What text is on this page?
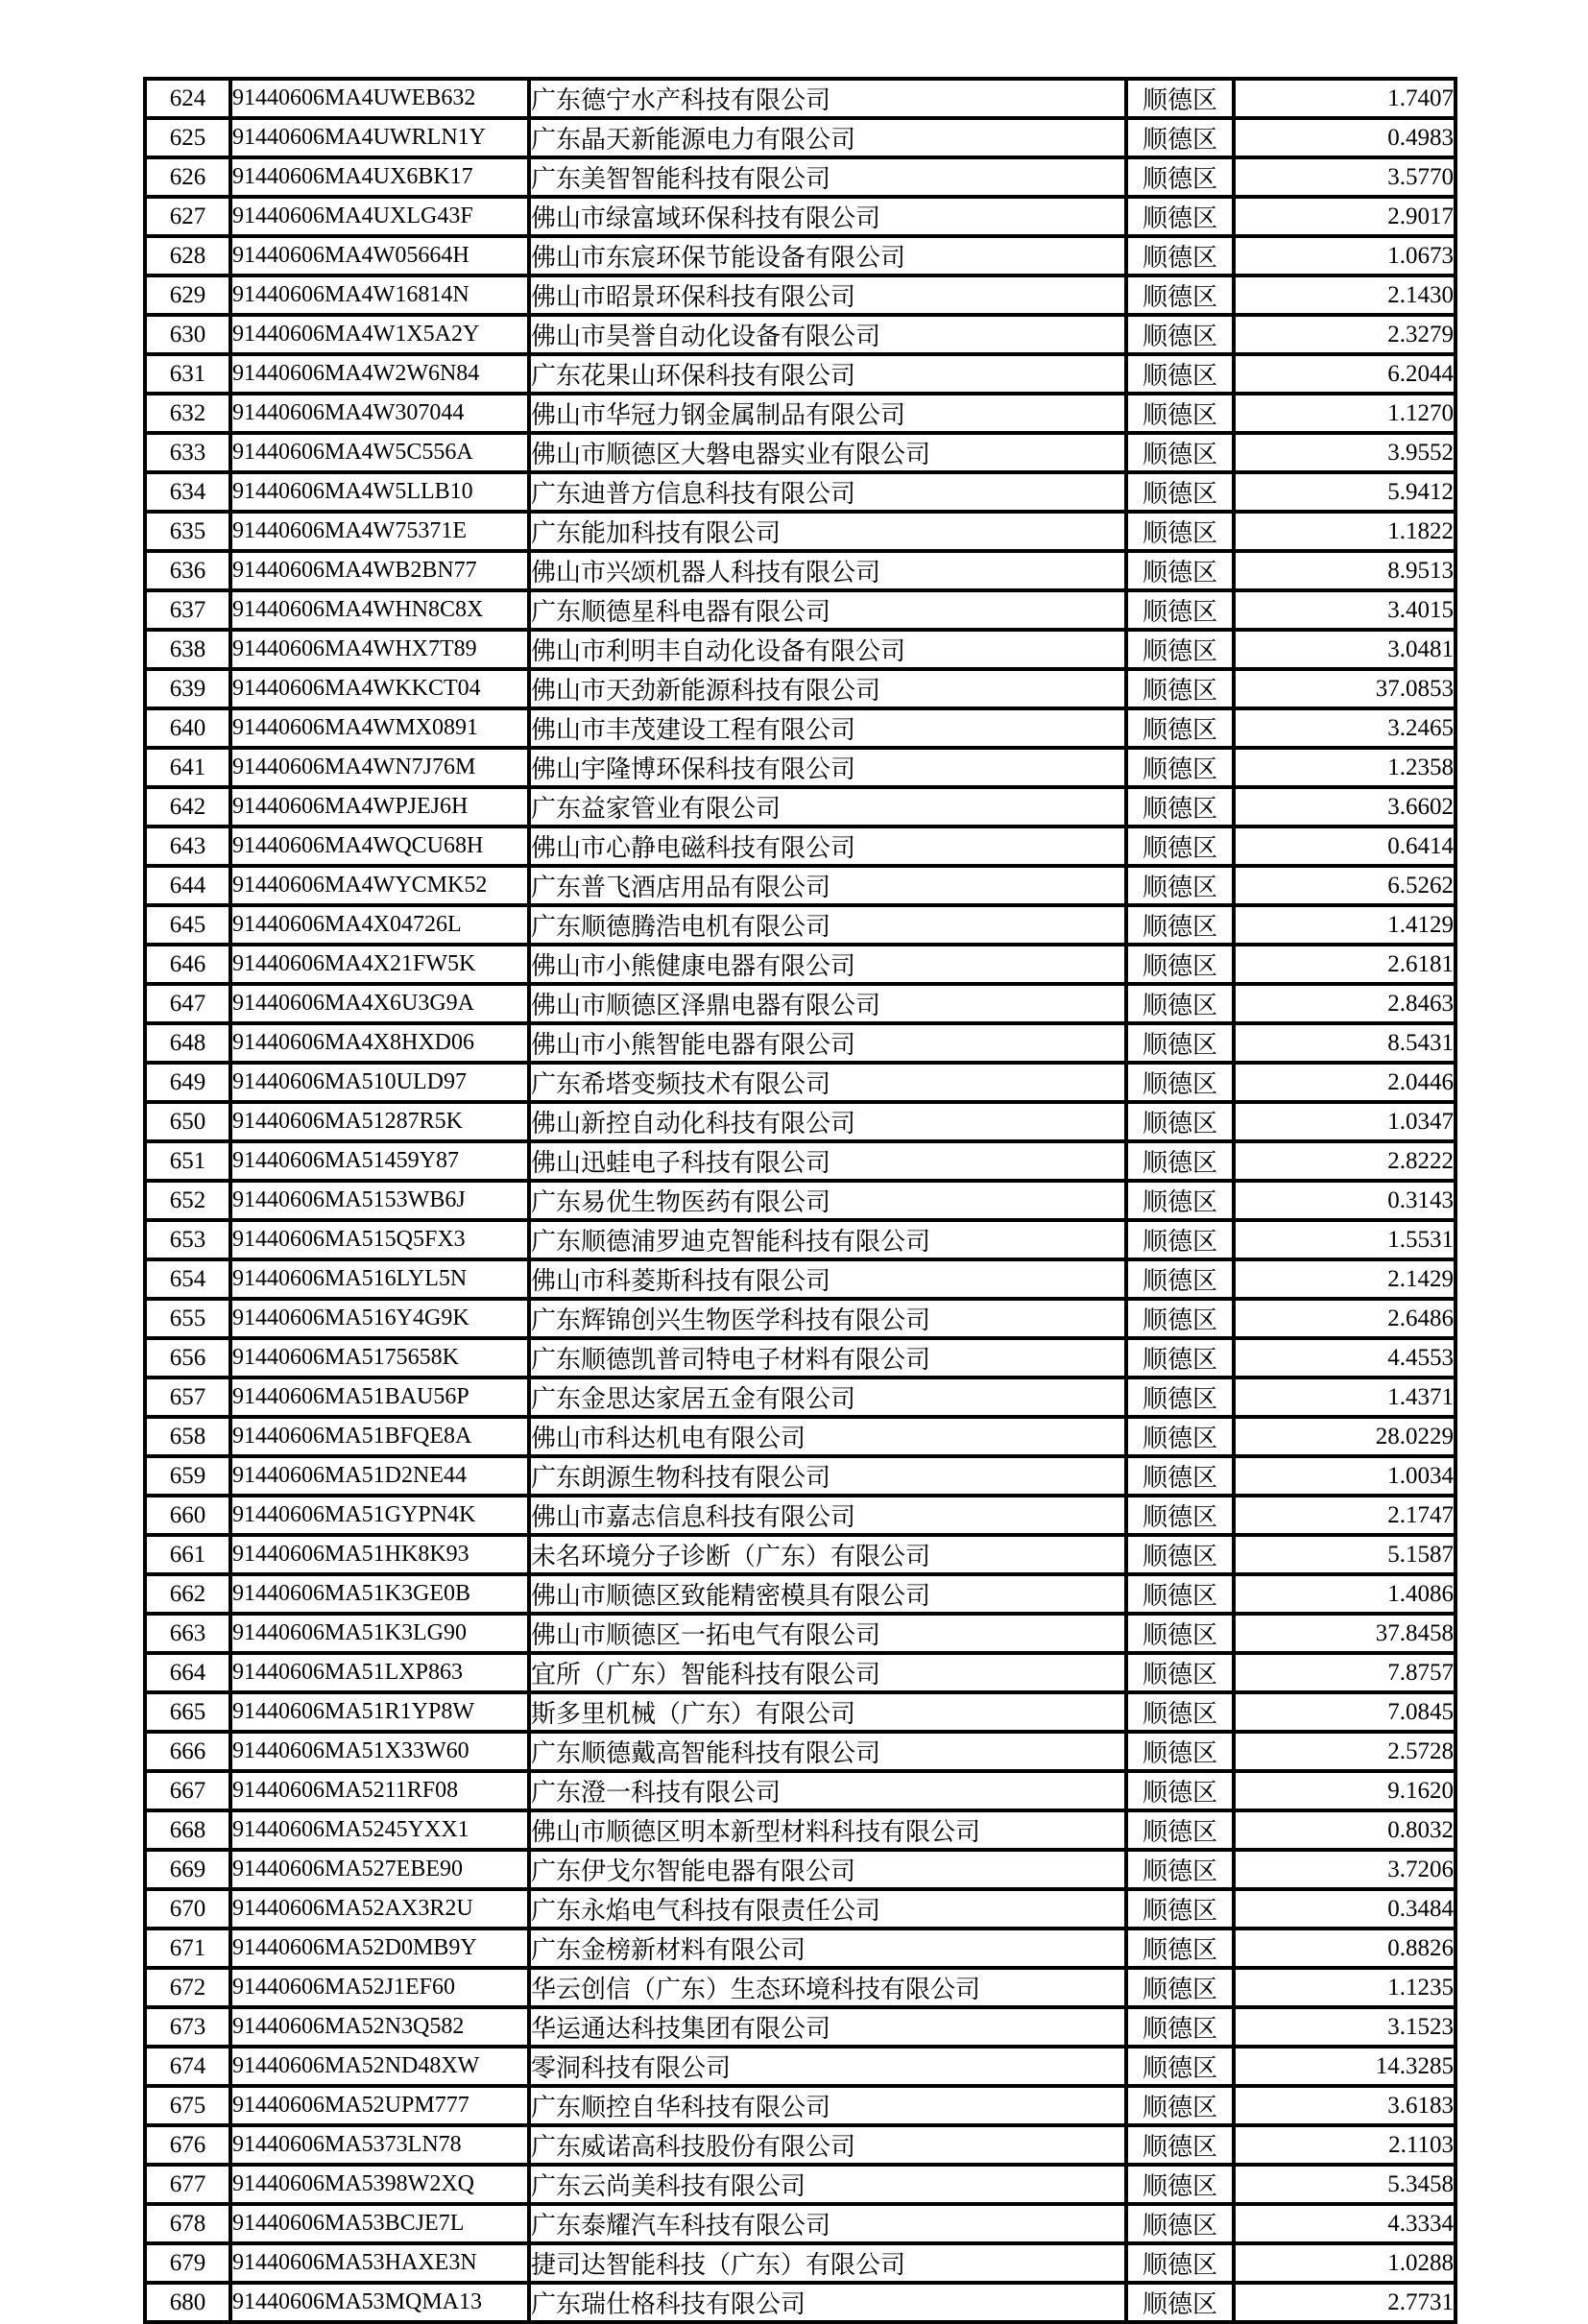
624	91440606MA4UWEB632	广东德宁水产科技有限公司	顺德区	1.7407
625	91440606MA4UWRLN1Y	广东晶天新能源电力有限公司	顺德区	0.4983
626	91440606MA4UX6BK17	广东美智智能科技有限公司	顺德区	3.5770
627	91440606MA4UXLG43F	佛山市绿富域环保科技有限公司	顺德区	2.9017
628	91440606MA4W05664H	佛山市东宸环保节能设备有限公司	顺德区	1.0673
629	91440606MA4W16814N	佛山市昭景环保科技有限公司	顺德区	2.1430
630	91440606MA4W1X5A2Y	佛山市昊誉自动化设备有限公司	顺德区	2.3279
631	91440606MA4W2W6N84	广东花果山环保科技有限公司	顺德区	6.2044
632	91440606MA4W307044	佛山市华冠力钢金属制品有限公司	顺德区	1.1270
633	91440606MA4W5C556A	佛山市顺德区大磐电器实业有限公司	顺德区	3.9552
634	91440606MA4W5LLB10	广东迪普方信息科技有限公司	顺德区	5.9412
635	91440606MA4W75371E	广东能加科技有限公司	顺德区	1.1822
636	91440606MA4WB2BN77	佛山市兴颂机器人科技有限公司	顺德区	8.9513
637	91440606MA4WHN8C8X	广东顺德星科电器有限公司	顺德区	3.4015
638	91440606MA4WHX7T89	佛山市利明丰自动化设备有限公司	顺德区	3.0481
639	91440606MA4WKKCT04	佛山市天劲新能源科技有限公司	顺德区	37.0853
640	91440606MA4WMX0891	佛山市丰茂建设工程有限公司	顺德区	3.2465
641	91440606MA4WN7J76M	佛山宇隆博环保科技有限公司	顺德区	1.2358
642	91440606MA4WPJEJ6H	广东益家管业有限公司	顺德区	3.6602
643	91440606MA4WQCU68H	佛山市心静电磁科技有限公司	顺德区	0.6414
644	91440606MA4WYCMK52	广东普飞酒店用品有限公司	顺德区	6.5262
645	91440606MA4X04726L	广东顺德腾浩电机有限公司	顺德区	1.4129
646	91440606MA4X21FW5K	佛山市小熊健康电器有限公司	顺德区	2.6181
647	91440606MA4X6U3G9A	佛山市顺德区泽鼎电器有限公司	顺德区	2.8463
648	91440606MA4X8HXD06	佛山市小熊智能电器有限公司	顺德区	8.5431
649	91440606MA510ULD97	广东希塔变频技术有限公司	顺德区	2.0446
650	91440606MA51287R5K	佛山新控自动化科技有限公司	顺德区	1.0347
651	91440606MA51459Y87	佛山迅蛙电子科技有限公司	顺德区	2.8222
652	91440606MA5153WB6J	广东易优生物医药有限公司	顺德区	0.3143
653	91440606MA515Q5FX3	广东顺德浦罗迪克智能科技有限公司	顺德区	1.5531
654	91440606MA516LYL5N	佛山市科菱斯科技有限公司	顺德区	2.1429
655	91440606MA516Y4G9K	广东辉锦创兴生物医学科技有限公司	顺德区	2.6486
656	91440606MA5175658K	广东顺德凯普司特电子材料有限公司	顺德区	4.4553
657	91440606MA51BAU56P	广东金思达家居五金有限公司	顺德区	1.4371
658	91440606MA51BFQE8A	佛山市科达机电有限公司	顺德区	28.0229
659	91440606MA51D2NE44	广东朗源生物科技有限公司	顺德区	1.0034
660	91440606MA51GYPN4K	佛山市嘉志信息科技有限公司	顺德区	2.1747
661	91440606MA51HK8K93	未名环境分子诊断（广东）有限公司	顺德区	5.1587
662	91440606MA51K3GE0B	佛山市顺德区致能精密模具有限公司	顺德区	1.4086
663	91440606MA51K3LG90	佛山市顺德区一拓电气有限公司	顺德区	37.8458
664	91440606MA51LXP863	宜所（广东）智能科技有限公司	顺德区	7.8757
665	91440606MA51R1YP8W	斯多里机械（广东）有限公司	顺德区	7.0845
666	91440606MA51X33W60	广东顺德戴高智能科技有限公司	顺德区	2.5728
667	91440606MA5211RF08	广东澄一科技有限公司	顺德区	9.1620
668	91440606MA5245YXX1	佛山市顺德区明本新型材料科技有限公司	顺德区	0.8032
669	91440606MA527EBE90	广东伊戈尔智能电器有限公司	顺德区	3.7206
670	91440606MA52AX3R2U	广东永焰电气科技有限责任公司	顺德区	0.3484
671	91440606MA52D0MB9Y	广东金榜新材料有限公司	顺德区	0.8826
672	91440606MA52J1EF60	华云创信（广东）生态环境科技有限公司	顺德区	1.1235
673	91440606MA52N3Q582	华运通达科技集团有限公司	顺德区	3.1523
674	91440606MA52ND48XW	零洞科技有限公司	顺德区	14.3285
675	91440606MA52UPM777	广东顺控自华科技有限公司	顺德区	3.6183
676	91440606MA5373LN78	广东威诺高科技股份有限公司	顺德区	2.1103
677	91440606MA5398W2XQ	广东云尚美科技有限公司	顺德区	5.3458
678	91440606MA53BCJE7L	广东泰耀汽车科技有限公司	顺德区	4.3334
679	91440606MA53HAXE3N	捷司达智能科技（广东）有限公司	顺德区	1.0288
680	91440606MA53MQMA13	广东瑞仕格科技有限公司	顺德区	2.7731
